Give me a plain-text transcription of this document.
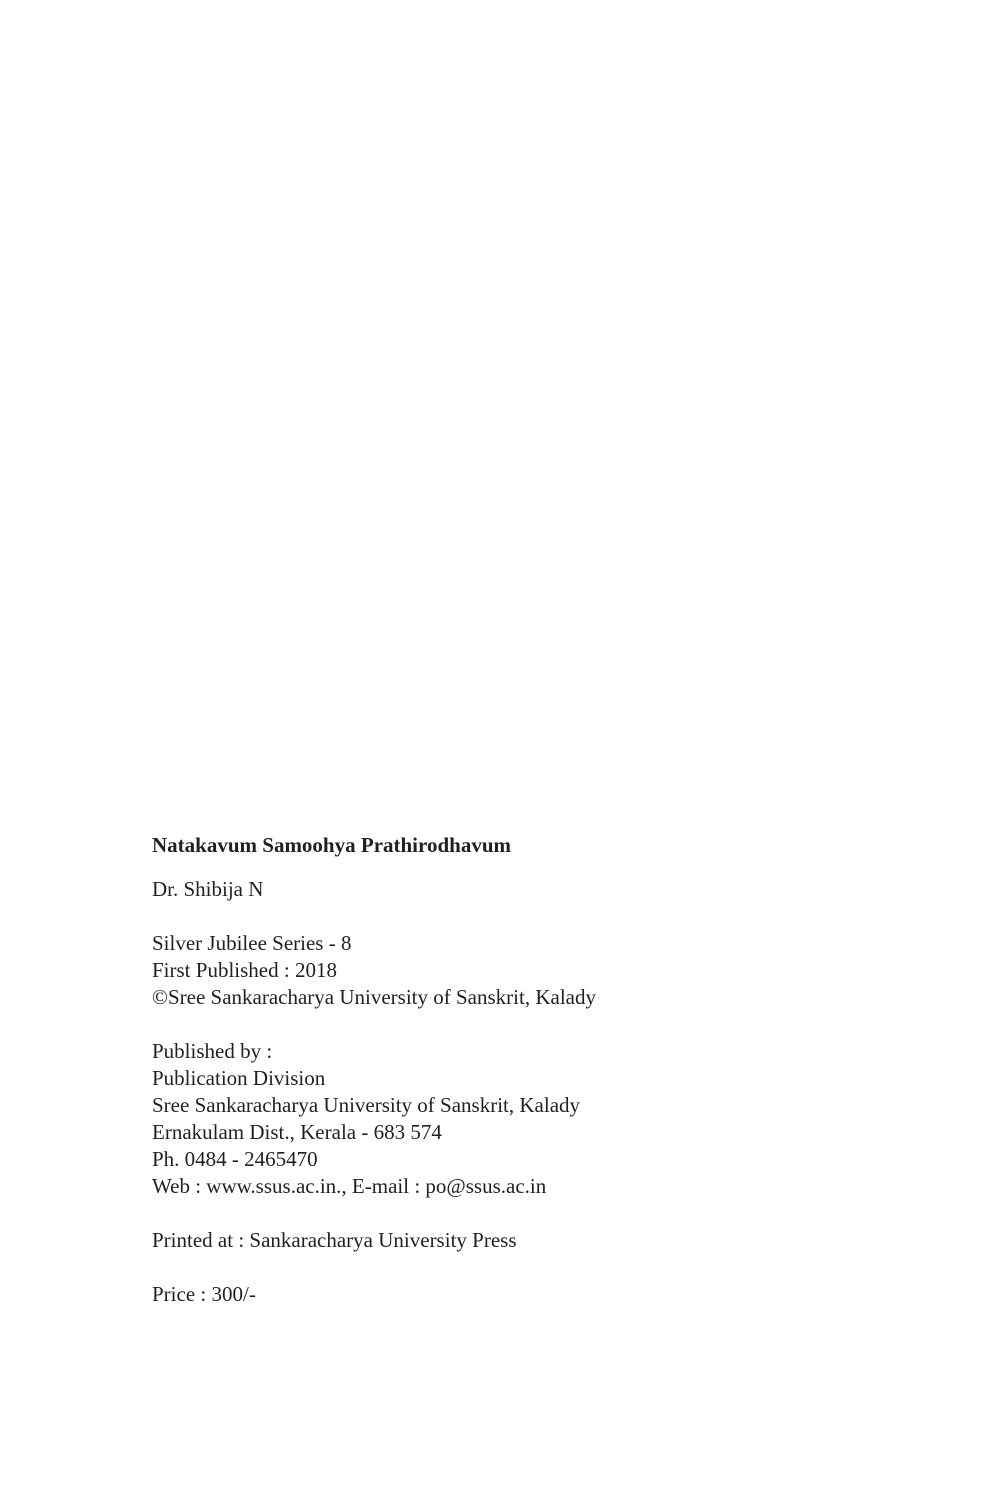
Natakavum Samoohya Prathirodhavum

Dr. Shibija N

Silver Jubilee Series - 8
First Published : 2018
©Sree Sankaracharya University of Sanskrit, Kalady
Published by :
Publication Division
Sree Sankaracharya University of Sanskrit, Kalady
Ernakulam Dist., Kerala - 683 574
Ph. 0484 - 2465470
Web : www.ssus.ac.in., E-mail : po@ssus.ac.in
Printed at : Sankaracharya University Press
Price : 300/-
